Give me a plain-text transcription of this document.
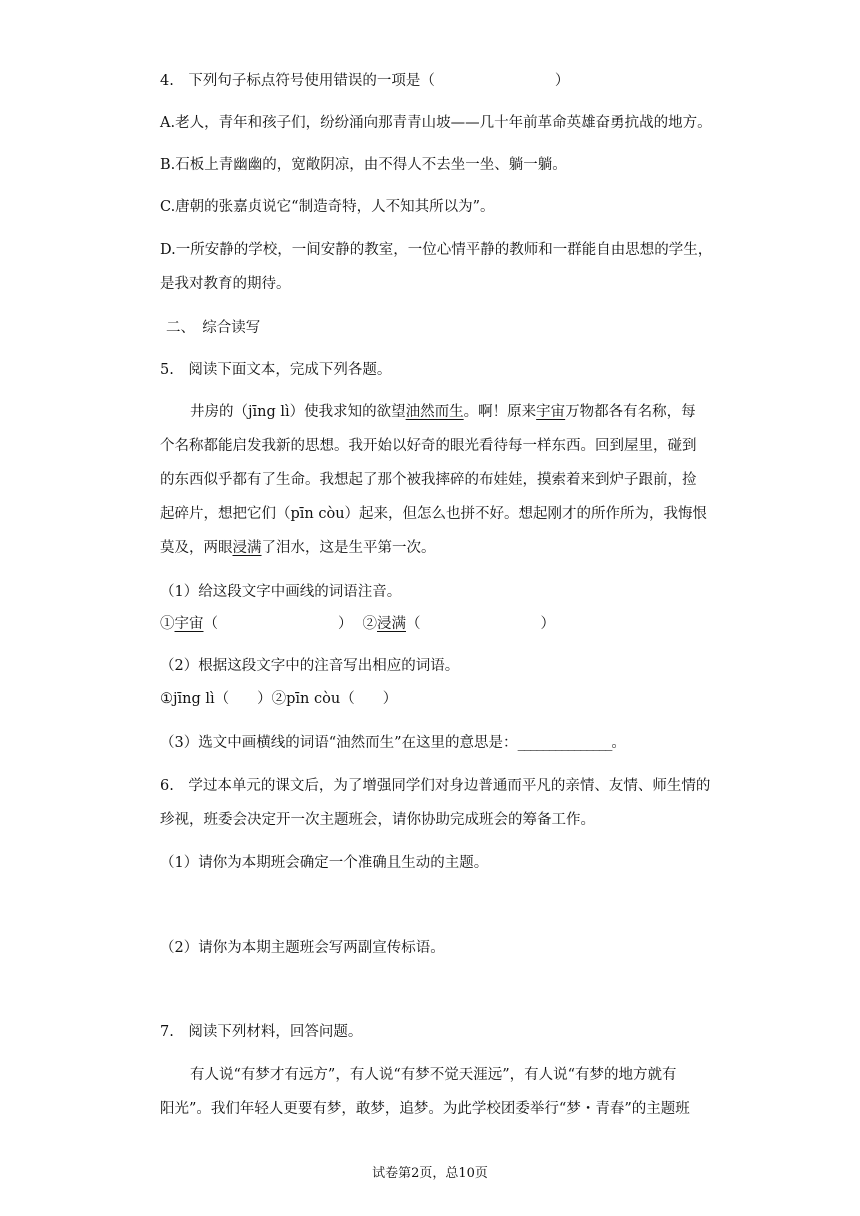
4.　下列句子标点符号使用错误的一项是（	）
A.老人，青年和孩子们，纷纷涌向那青青山坡——几十年前革命英雄奋勇抗战的地方。
B.石板上青幽幽的，宽敞阴凉，由不得人不去坐一坐、躺一躺。
C.唐朝的张嘉贞说它“制造奇特，人不知其所以为”。
D.一所安静的学校，一间安静的教室，一位心情平静的教师和一群能自由思想的学生，
是我对教育的期待。
二、　综合读写
5.　阅读下面文本，完成下列各题。
井房的（jīng lì）使我求知的欲望油然而生。啊！原来宇宙万物都各有名称，每
个名称都能启发我新的思想。我开始以好奇的眼光看待每一样东西。回到屋里，碰到
的东西似乎都有了生命。我想起了那个被我摔碎的布娃娃，摸索着来到炉子跟前，捡
起碎片，想把它们（pīn còu）起来，但怎么也拼不好。想起刚才的所作所为，我悔恨
莫及，两眼浸满了泪水，这是生平第一次。
（1）给这段文字中画线的词语注音。
①宇宙（	） ②浸满（	）
（2）根据这段文字中的注音写出相应的词语。
①jīng lì（ ）②pīn còu（ ）
（3）选文中画横线的词语“油然而生”在这里的意思是：_______________。
6.　学过本单元的课文后，为了增强同学们对身边普通而平凡的亲情、友情、师生情的
珍视，班委会决定开一次主题班会，请你协助完成班会的筹备工作。
（1）请你为本期班会确定一个准确且生动的主题。
（2）请你为本期主题班会写两副宣传标语。
7.　阅读下列材料，回答问题。
有人说“有梦才有远方”，有人说“有梦不觉天涯远”，有人说“有梦的地方就有
阳光”。我们年轻人更要有梦，敢梦，追梦。为此学校团委举行“梦・青春”的主题班
试卷第2页，总10页
